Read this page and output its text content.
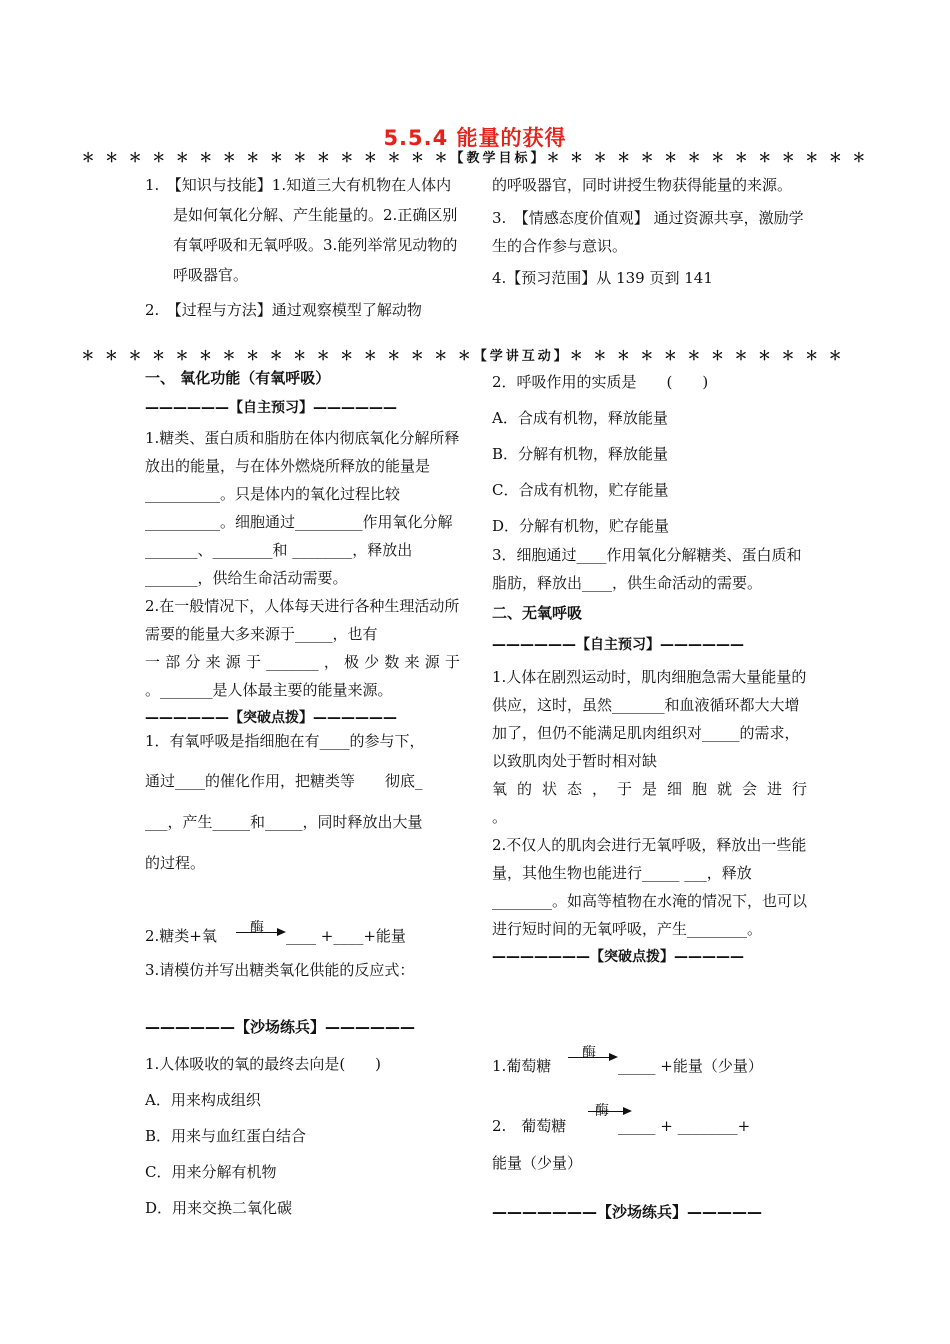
5.5.4 能量的获得
＊ ＊ ＊ ＊ ＊ ＊ ＊ ＊ ＊ ＊ ＊ ＊ ＊ ＊ ＊ ＊【教学目标】＊ ＊ ＊ ＊ ＊ ＊ ＊ ＊ ＊ ＊ ＊ ＊ ＊ ＊

1.　【知识与技能】1.知道三大有机物在人体内是如何氧化分解、产生能量的。2.正确区别有氧呼吸和无氧呼吸。3.能列举常见动物的呼吸器官。

2.　【过程与方法】通过观察模型了解动物

的呼吸器官，同时讲授生物获得能量的来源。

3.　【情感态度价值观】 通过资源共享，激励学生的合作参与意识。

4.【预习范围】从 139 页到 141

＊ ＊ ＊ ＊ ＊ ＊ ＊ ＊ ＊ ＊ ＊ ＊ ＊ ＊ ＊ ＊ ＊【学讲互动】＊ ＊ ＊ ＊ ＊ ＊ ＊ ＊ ＊ ＊ ＊ ＊

一、 氧化功能（有氧呼吸）

——————【自主预习】——————

1.糖类、蛋白质和脂肪在体内彻底氧化分解所释放出的能量，与在体外燃烧所释放的能量是__________。只是体内的氧化过程比较__________。细胞通过_________作用氧化分解_______、________和 ________，释放出_______，供给生命活动需要。

2.在一般情况下，人体每天进行各种生理活动所需要的能量大多来源于_____，也有

一部分来源于_______，极少数来源于

。_______是人体最主要的能量来源。

——————【突破点拨】——————

1．有氧呼吸是指细胞在有____的参与下，
通过____的催化作用，把糖类等　　彻底_
___，产生_____和_____，同时释放出大量
的过程。
2.糖类+氧 酶 → ____ +____+能量
3.请模仿并写出糖类氧化供能的反应式：
——————【沙场练兵】——————

1.人体吸收的氧的最终去向是(　　)

A．用来构成组织

B．用来与血红蛋白结合

C．用来分解有机物

D．用来交换二氧化碳

2．呼吸作用的实质是　　(　　)

A．合成有机物，释放能量

B．分解有机物，释放能量

C．合成有机物，贮存能量

D．分解有机物，贮存能量

3．细胞通过____作用氧化分解糖类、蛋白质和脂肪，释放出____，供生命活动的需要。

二、无氧呼吸

——————【自主预习】——————

1.人体在剧烈运动时，肌肉细胞急需大量能量的供应，这时，虽然_______和血液循环都大大增加了，但仍不能满足肌肉组织对_____的需求，以致肌肉处于暂时相对缺

氧的状态，于是细胞就会进行

。

2.不仅人的肌肉会进行无氧呼吸，释放出一些能量，其他生物也能进行_____ ___，释放________。如高等植物在水淹的情况下，也可以进行短时间的无氧呼吸，产生________。

———————【突破点拨】—————

1.葡萄糖
酶
→ _____ +能量（少量）
2.　葡萄糖
酶
_____ + ________+
能量（少量）
———————【沙场练兵】—————
